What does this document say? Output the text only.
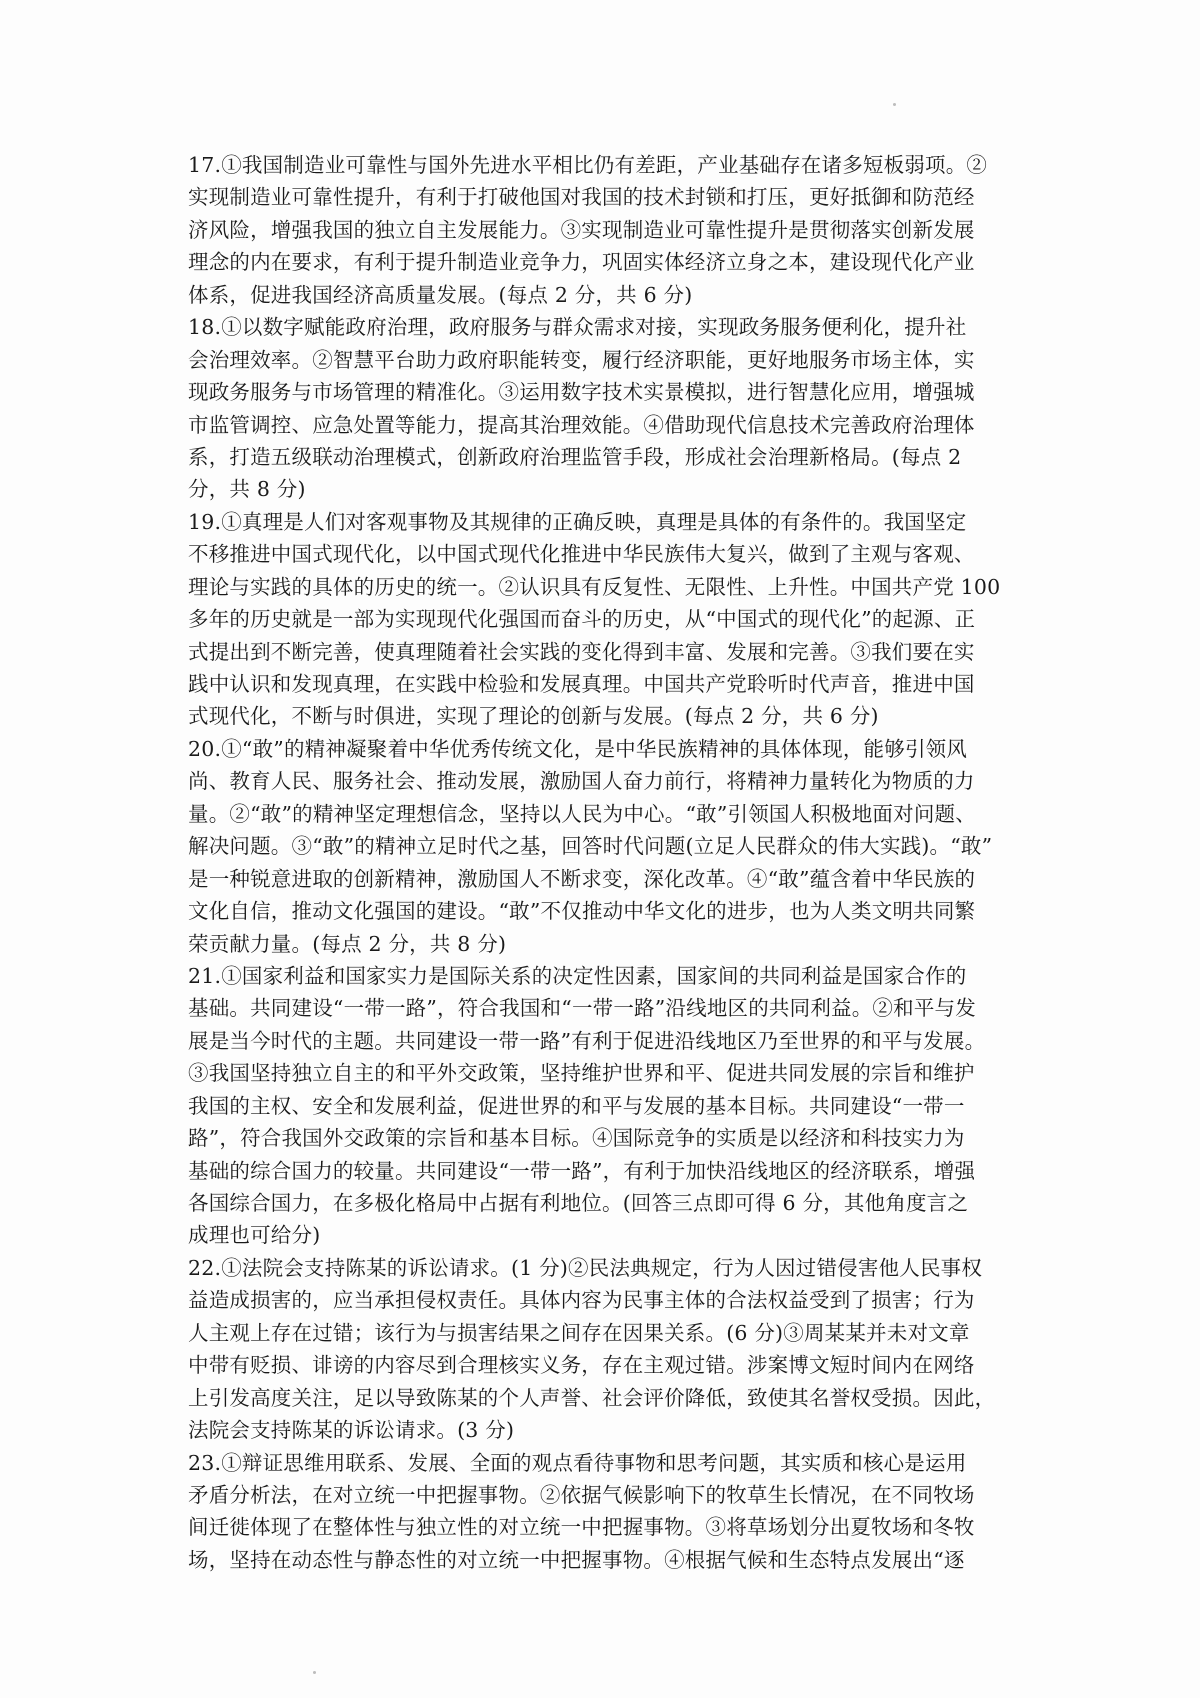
17.①我国制造业可靠性与国外先进水平相比仍有差距，产业基础存在诸多短板弱项。②
实现制造业可靠性提升，有利于打破他国对我国的技术封锁和打压，更好抵御和防范经
济风险，增强我国的独立自主发展能力。③实现制造业可靠性提升是贯彻落实创新发展
理念的内在要求，有利于提升制造业竞争力，巩固实体经济立身之本，建设现代化产业
体系，促进我国经济高质量发展。(每点 2 分，共 6 分)
18.①以数字赋能政府治理，政府服务与群众需求对接，实现政务服务便利化，提升社
会治理效率。②智慧平台助力政府职能转变，履行经济职能，更好地服务市场主体，实
现政务服务与市场管理的精准化。③运用数字技术实景模拟，进行智慧化应用，增强城
市监管调控、应急处置等能力，提高其治理效能。④借助现代信息技术完善政府治理体
系，打造五级联动治理模式，创新政府治理监管手段，形成社会治理新格局。(每点 2
分，共 8 分)
19.①真理是人们对客观事物及其规律的正确反映，真理是具体的有条件的。我国坚定
不移推进中国式现代化，以中国式现代化推进中华民族伟大复兴，做到了主观与客观、
理论与实践的具体的历史的统一。②认识具有反复性、无限性、上升性。中国共产党 100
多年的历史就是一部为实现现代化强国而奋斗的历史，从“中国式的现代化”的起源、正
式提出到不断完善，使真理随着社会实践的变化得到丰富、发展和完善。③我们要在实
践中认识和发现真理，在实践中检验和发展真理。中国共产党聆听时代声音，推进中国
式现代化，不断与时俱进，实现了理论的创新与发展。(每点 2 分，共 6 分)
20.①“敢”的精神凝聚着中华优秀传统文化，是中华民族精神的具体体现，能够引领风
尚、教育人民、服务社会、推动发展，激励国人奋力前行，将精神力量转化为物质的力
量。②“敢”的精神坚定理想信念，坚持以人民为中心。“敢”引领国人积极地面对问题、
解决问题。③“敢”的精神立足时代之基，回答时代问题(立足人民群众的伟大实践)。“敢”
是一种锐意进取的创新精神，激励国人不断求变，深化改革。④“敢”蕴含着中华民族的
文化自信，推动文化强国的建设。“敢”不仅推动中华文化的进步，也为人类文明共同繁
荣贡献力量。(每点 2 分，共 8 分)
21.①国家利益和国家实力是国际关系的决定性因素，国家间的共同利益是国家合作的
基础。共同建设“一带一路”，符合我国和“一带一路”沿线地区的共同利益。②和平与发
展是当今时代的主题。共同建设一带一路”有利于促进沿线地区乃至世界的和平与发展。
③我国坚持独立自主的和平外交政策，坚持维护世界和平、促进共同发展的宗旨和维护
我国的主权、安全和发展利益，促进世界的和平与发展的基本目标。共同建设“一带一
路”，符合我国外交政策的宗旨和基本目标。④国际竞争的实质是以经济和科技实力为
基础的综合国力的较量。共同建设“一带一路”，有利于加快沿线地区的经济联系，增强
各国综合国力，在多极化格局中占据有利地位。(回答三点即可得 6 分，其他角度言之
成理也可给分)
22.①法院会支持陈某的诉讼请求。(1 分)②民法典规定，行为人因过错侵害他人民事权
益造成损害的，应当承担侵权责任。具体内容为民事主体的合法权益受到了损害；行为
人主观上存在过错；该行为与损害结果之间存在因果关系。(6 分)③周某某并未对文章
中带有贬损、诽谤的内容尽到合理核实义务，存在主观过错。涉案博文短时间内在网络
上引发高度关注，足以导致陈某的个人声誉、社会评价降低，致使其名誉权受损。因此，
法院会支持陈某的诉讼请求。(3 分)
23.①辩证思维用联系、发展、全面的观点看待事物和思考问题，其实质和核心是运用
矛盾分析法，在对立统一中把握事物。②依据气候影响下的牧草生长情况，在不同牧场
间迁徙体现了在整体性与独立性的对立统一中把握事物。③将草场划分出夏牧场和冬牧
场，坚持在动态性与静态性的对立统一中把握事物。④根据气候和生态特点发展出“逐
